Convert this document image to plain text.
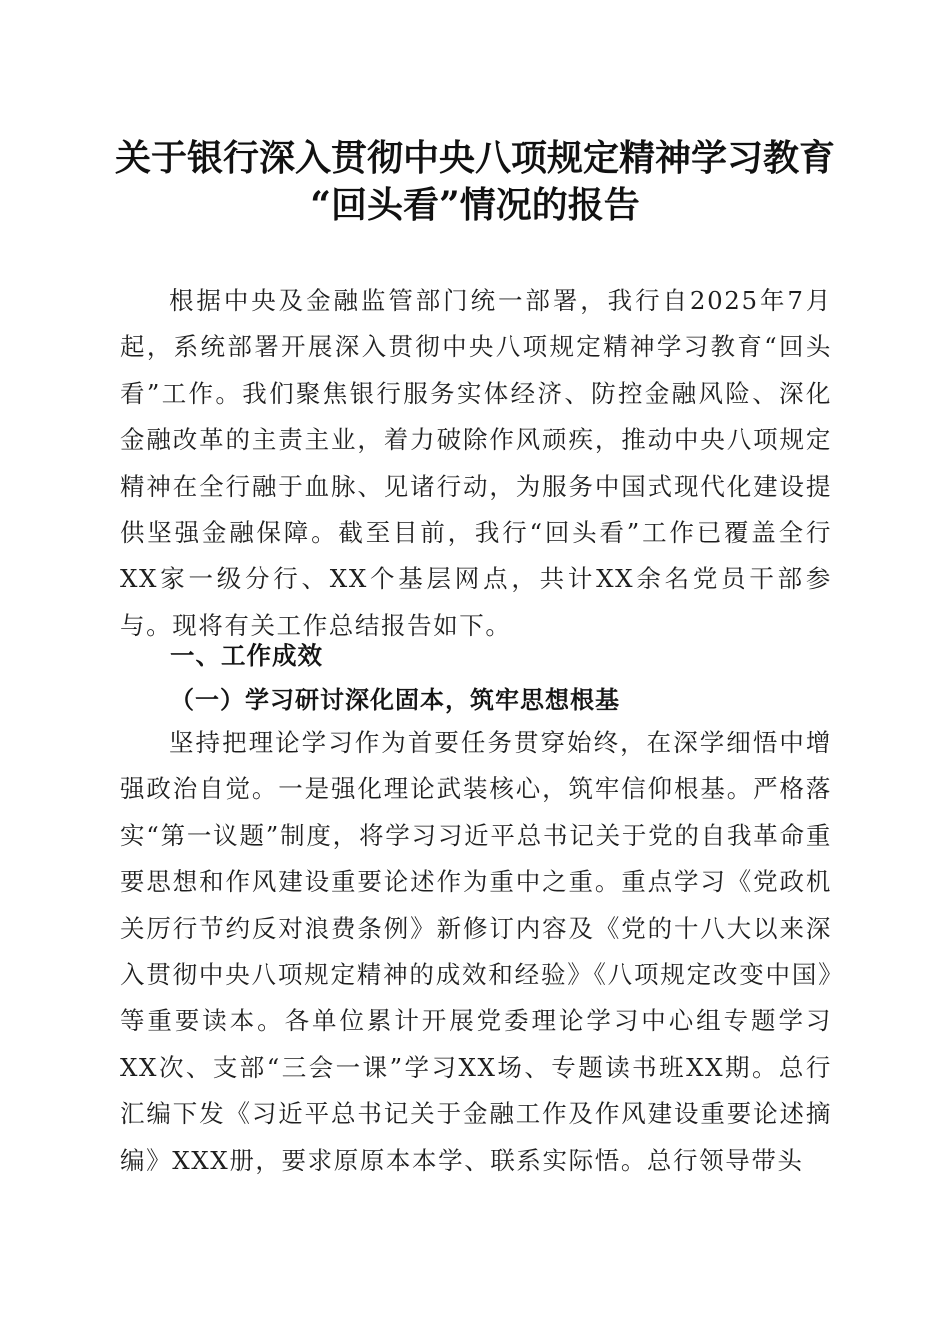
关于银行深入贯彻中央八项规定精神学习教育
“回头看”情况的报告

根据中央及金融监管部门统一部署，我行自2025年7月起，系统部署开展深入贯彻中央八项规定精神学习教育“回头看”工作。我们聚焦银行服务实体经济、防控金融风险、深化金融改革的主责主业，着力破除作风顽疾，推动中央八项规定精神在全行融于血脉、见诸行动，为服务中国式现代化建设提供坚强金融保障。截至目前，我行“回头看”工作已覆盖全行XX家一级分行、XX个基层网点，共计XX余名党员干部参与。现将有关工作总结报告如下。

一、工作成效
（一）学习研讨深化固本，筑牢思想根基

坚持把理论学习作为首要任务贯穿始终，在深学细悟中增强政治自觉。一是强化理论武装核心，筑牢信仰根基。严格落实“第一议题”制度，将学习习近平总书记关于党的自我革命重要思想和作风建设重要论述作为重中之重。重点学习《党政机关厉行节约反对浪费条例》新修订内容及《党的十八大以来深入贯彻中央八项规定精神的成效和经验》《八项规定改变中国》等重要读本。各单位累计开展党委理论学习中心组专题学习XX次、支部“三会一课”学习XX场、专题读书班XX期。总行汇编下发《习近平总书记关于金融工作及作风建设重要论述摘编》XXX册，要求原原本本学、联系实际悟。总行领导带头
